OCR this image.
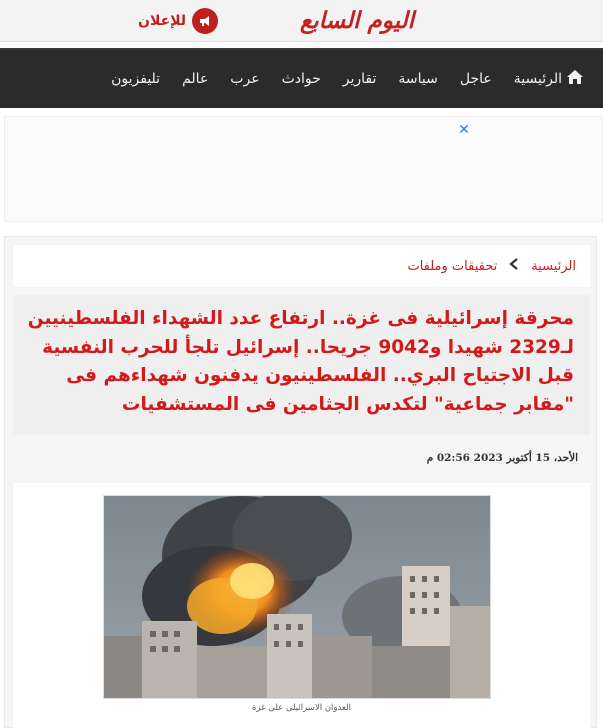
اليوم السابع
للإعلان
الرئيسية
عاجل
سياسة
تقارير
حوادث
عرب
عالم
تليفزيون
✕
الرئيسية
تحقيقات وملفات
محرقة إسرائيلية فى غزة.. ارتفاع عدد الشهداء الفلسطينيين لـ2329 شهيدا و9042 جريحا.. إسرائيل تلجأ للحرب النفسية قبل الاجتياح البري.. الفلسطينيون يدفنون شهداءهم فى "مقابر جماعية" لتكدس الجثامين فى المستشفيات
الأحد، 15 أكتوبر 2023 02:56 م
العدوان الاسرائيلى على غزة
